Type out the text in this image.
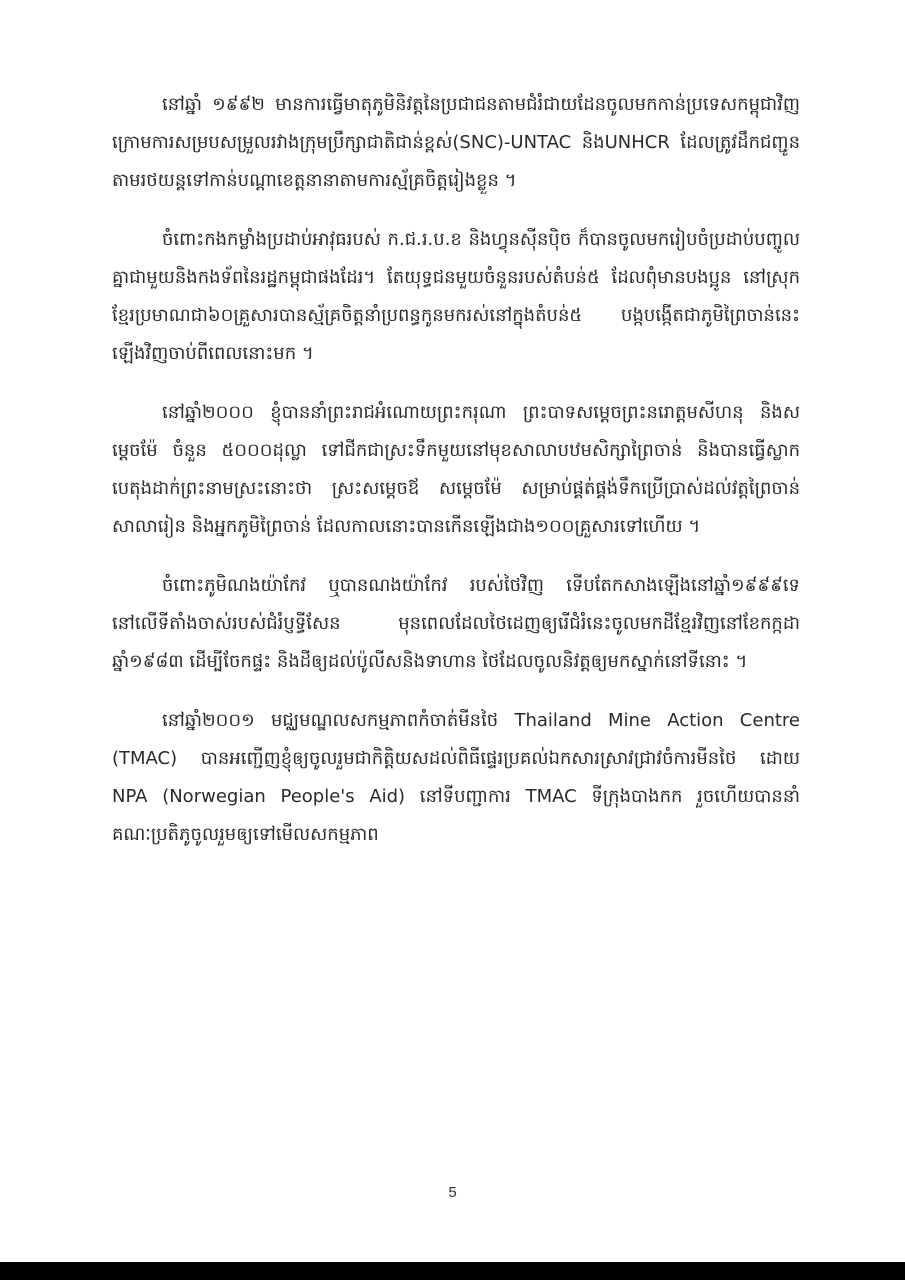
នៅឆ្នាំ ១៩៩២ មានការធ្វើមាតុភូមិនិវត្តនៃប្រជាជនតាមជំរំជាយដែនចូលមកកាន់ប្រទេសកម្ពុជាវិញ ក្រោមការសម្របសម្រួលរវាងក្រុមប្រឹក្សាជាតិជាន់ខ្ពស់(SNC)-UNTAC និងUNHCR ដែលត្រូវដឹកជញ្ជូនតាមរថយន្តទៅកាន់បណ្តាខេត្តនានាតាមការស្ម័គ្រចិត្តរៀងខ្លួន ។

ចំពោះកងកម្លាំងប្រដាប់អាវុធរបស់ ក.ជ.រ.ប.ខ និងហ្វុនស៊ីនប៉ិច ក៏បានចូលមករៀបចំប្រដាប់បញ្ចូលគ្នាជាមួយនិងកងទ័ពនៃរដ្ឋកម្ពុជាផងដែរ។ តែយុទ្ធជនមួយចំនួនរបស់តំបន់៥ ដែលពុំមានបងប្អូន នៅស្រុកខ្មែរប្រមាណជា៦០គ្រួសារបានស្ម័គ្រចិត្តនាំប្រពន្ធកូនមករស់នៅក្នុងតំបន់៥ បង្កបង្កើតជាភូមិព្រៃចាន់នេះឡើងវិញចាប់ពីពេលនោះមក ។

នៅឆ្នាំ២០០០ ខ្ញុំបាននាំព្រះរាជអំណោយព្រះករុណា ព្រះបាទសម្តេចព្រះនរោត្តមសីហនុ និងសម្តេចម៉ែ ចំនួន ៥០០០ដុល្លា ទៅជីកជាស្រះទឹកមួយនៅមុខសាលាបឋមសិក្សាព្រៃចាន់ និងបានធ្វើស្លាកបេតុងដាក់ព្រះនាមស្រះនោះថា ស្រះសម្តេចឪ សម្តេចម៉ែ សម្រាប់ផ្គត់ផ្គង់ទឹកប្រើប្រាស់ដល់វត្តព្រៃចាន់ សាលារៀន និងអ្នកភូមិព្រៃចាន់ ដែលកាលនោះបានកើនឡើងជាង១០០គ្រួសារទៅហើយ ។

ចំពោះភូមិណងយ៉ាកែវ ឬបានណងយ៉ាកែវ របស់ថៃវិញ ទើបតែកសាងឡើងនៅឆ្នាំ១៩៩៩ទេ នៅលើទីតាំងចាស់របស់ជំរំប្ញទ្ធីសែន មុនពេលដែលថៃដេញឲ្យរើជំរំនេះចូលមកដីខ្មែរវិញនៅខែកក្កដា ឆ្នាំ១៩៨៣ ដើម្បីចែកផ្ទះ និងដីឲ្យដល់ប៉ូលីសនិងទាហាន ថៃដែលចូលនិវត្តឲ្យមកស្នាក់នៅទីនោះ ។

នៅឆ្នាំ២០០១ មជ្ឈមណ្ឌលសកម្មភាពកំចាត់មីនថៃ Thailand Mine Action Centre (TMAC) បានអញ្ជើញខ្ញុំឲ្យចូលរួមជាកិត្តិយសដល់ពិធីផ្ទេរប្រគល់ឯកសារស្រាវជ្រាវចំការមីនថៃ ដោយ NPA (Norwegian People's Aid) នៅទីបញ្ជាការ TMAC ទីក្រុងបាងកក រួចហើយបាននាំគណៈប្រតិភូចូលរួមឲ្យទៅមើលសកម្មភាព

5
